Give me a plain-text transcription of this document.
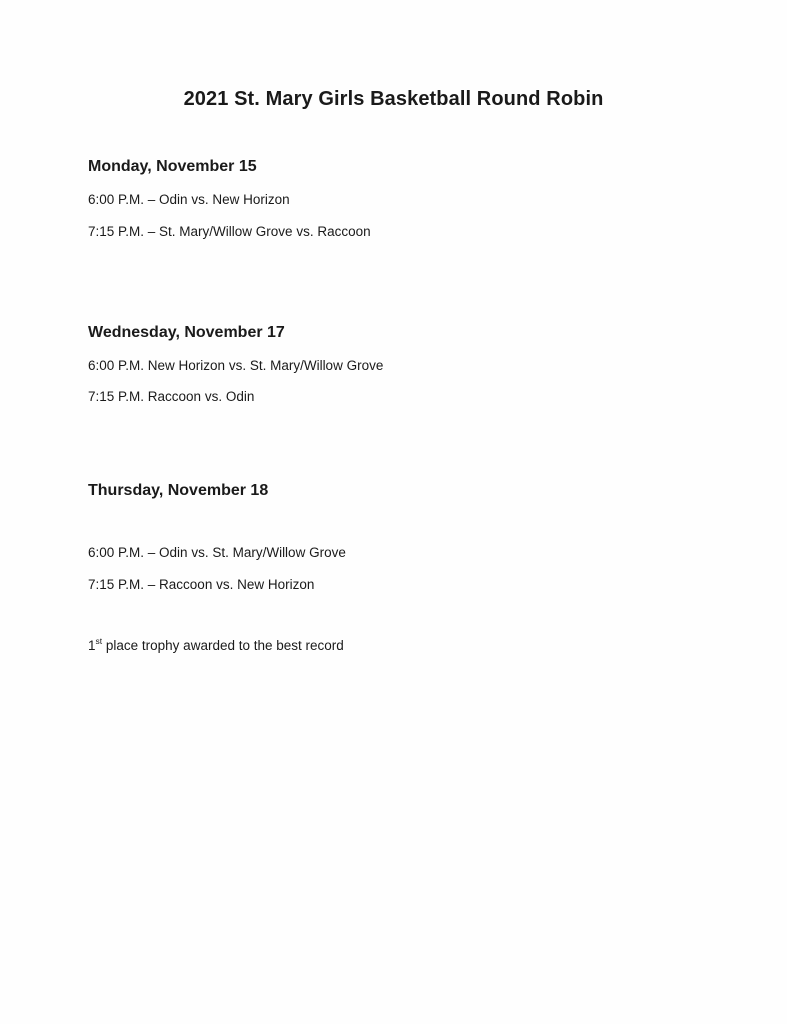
2021 St. Mary Girls Basketball Round Robin
Monday, November 15
6:00 P.M. – Odin vs. New Horizon
7:15 P.M. – St. Mary/Willow Grove vs. Raccoon
Wednesday, November 17
6:00 P.M. New Horizon vs. St. Mary/Willow Grove
7:15 P.M. Raccoon vs. Odin
Thursday, November 18
6:00 P.M. – Odin vs. St. Mary/Willow Grove
7:15 P.M. – Raccoon vs. New Horizon
1st place trophy awarded to the best record
